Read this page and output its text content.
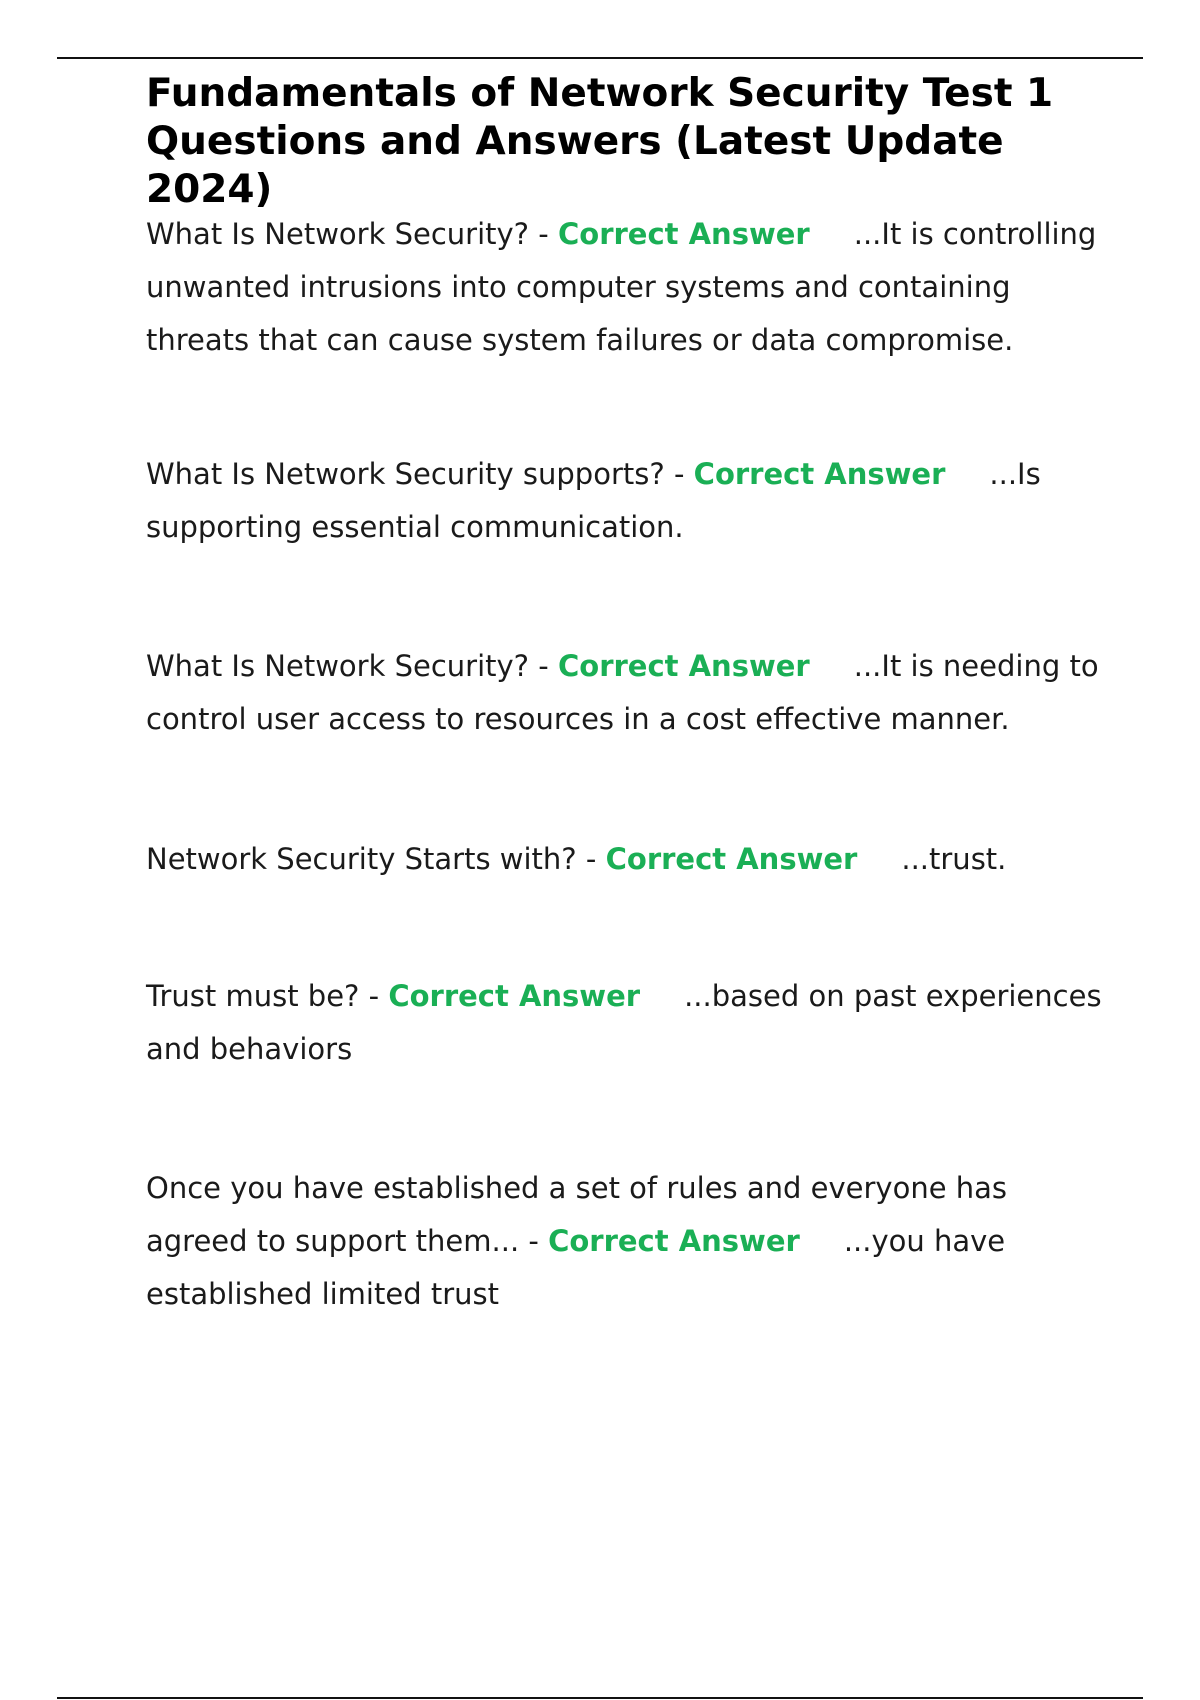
Fundamentals of Network Security Test 1 Questions and Answers (Latest Update 2024)

What Is Network Security? - Correct Answer ...It is controlling unwanted intrusions into computer systems and containing threats that can cause system failures or data compromise.

What Is Network Security supports? - Correct Answer ...Is supporting essential communication.

What Is Network Security? - Correct Answer ...It is needing to control user access to resources in a cost effective manner.

Network Security Starts with? - Correct Answer ...trust.

Trust must be? - Correct Answer ...based on past experiences and behaviors

Once you have established a set of rules and everyone has agreed to support them... - Correct Answer ...you have established limited trust
